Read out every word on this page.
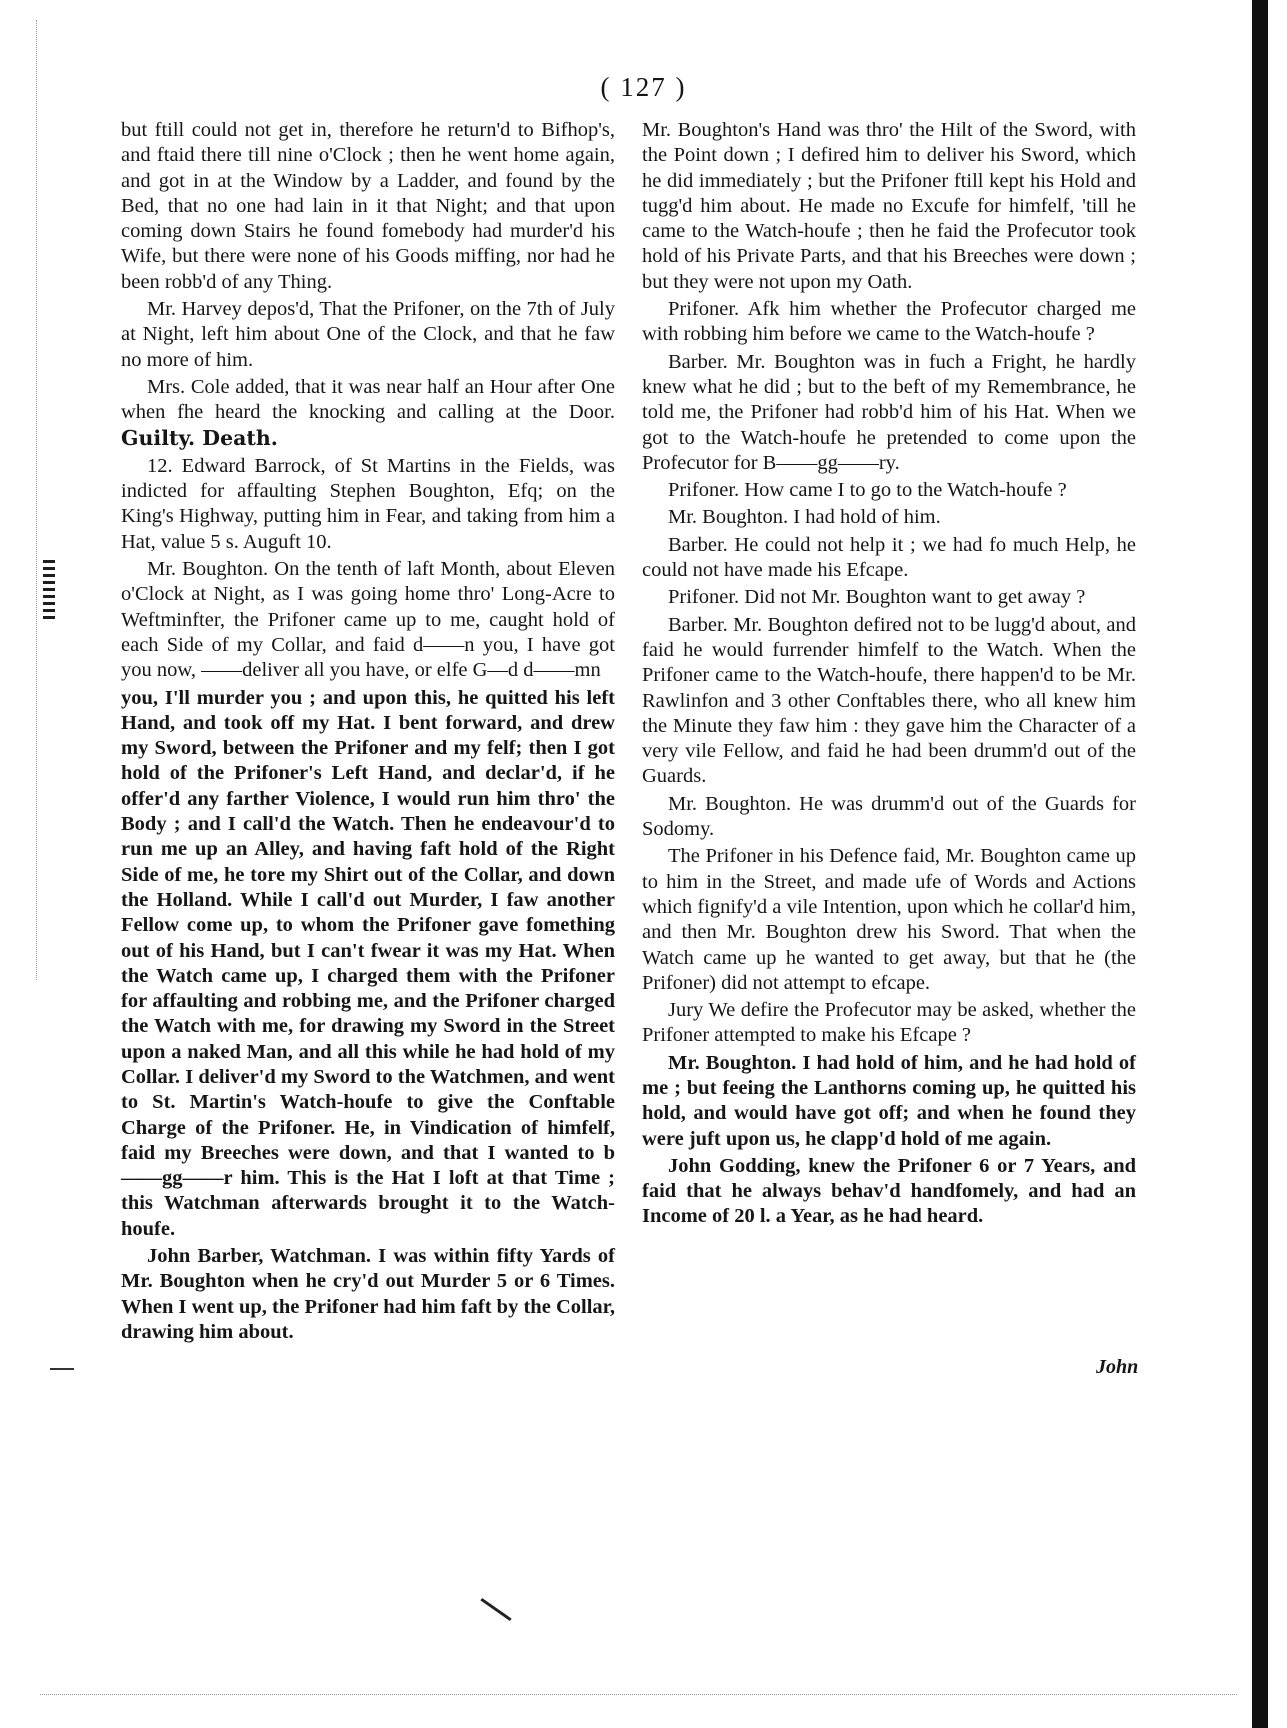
( 127 )

but ftill could not get in, therefore he return'd to Bifhop's, and ftaid there till nine o'Clock ; then he went home again, and got in at the Window by a Ladder, and found by the Bed, that no one had lain in it that Night; and that upon coming down Stairs he found fomebody had murder'd his Wife, but there were none of his Goods miffing, nor had he been robb'd of any Thing.

Mr. Harvey depos'd, That the Prifoner, on the 7th of July at Night, left him about One of the Clock, and that he faw no more of him.

Mrs. Cole added, that it was near half an Hour after One when fhe heard the knocking and calling at the Door. Guilty. Death.

12. Edward Barrock, of St Martins in the Fields, was indicted for affaulting Stephen Boughton, Efq; on the King's Highway, putting him in Fear, and taking from him a Hat, value 5 s. Auguft 10.

Mr. Boughton. On the tenth of laft Month, about Eleven o'Clock at Night, as I was going home thro' Long-Acre to Weftminfter, the Prifoner came up to me, caught hold of each Side of my Collar, and faid d——n you, I have got you now, ——deliver all you have, or elfe G—d d——mn

you, I'll murder you ; and upon this, he quitted his left Hand, and took off my Hat. I bent forward, and drew my Sword, between the Prifoner and my felf; then I got hold of the Prifoner's Left Hand, and declar'd, if he offer'd any farther Violence, I would run him thro' the Body ; and I call'd the Watch. Then he endeavour'd to run me up an Alley, and having faft hold of the Right Side of me, he tore my Shirt out of the Collar, and down the Holland. While I call'd out Murder, I faw another Fellow come up, to whom the Prifoner gave fomething out of his Hand, but I can't fwear it was my Hat. When the Watch came up, I charged them with the Prifoner for affaulting and robbing me, and the Prifoner charged the Watch with me, for drawing my Sword in the Street upon a naked Man, and all this while he had hold of my Collar. I deliver'd my Sword to the Watchmen, and went to St. Martin's Watch-houfe to give the Conftable Charge of the Prifoner. He, in Vindication of himfelf, faid my Breeches were down, and that I wanted to b——gg——r him. This is the Hat I loft at that Time ; this Watchman afterwards brought it to the Watch-houfe.

John Barber, Watchman. I was within fifty Yards of Mr. Boughton when he cry'd out Murder 5 or 6 Times. When I went up, the Prifoner had him faft by the Collar, drawing him about.

Mr. Boughton's Hand was thro' the Hilt of the Sword, with the Point down ; I defired him to deliver his Sword, which he did immediately ; but the Prifoner ftill kept his Hold and tugg'd him about. He made no Excufe for himfelf, 'till he came to the Watch-houfe ; then he faid the Profecutor took hold of his Private Parts, and that his Breeches were down ; but they were not upon my Oath.

Prifoner. Afk him whether the Profecutor charged me with robbing him before we came to the Watch-houfe ?

Barber. Mr. Boughton was in fuch a Fright, he hardly knew what he did ; but to the beft of my Remembrance, he told me, the Prifoner had robb'd him of his Hat. When we got to the Watch-houfe he pretended to come upon the Profecutor for B——gg——ry.

Prifoner. How came I to go to the Watch-houfe ?

Mr. Boughton. I had hold of him.

Barber. He could not help it ; we had fo much Help, he could not have made his Efcape.

Prifoner. Did not Mr. Boughton want to get away ?

Barber. Mr. Boughton defired not to be lugg'd about, and faid he would furrender himfelf to the Watch. When the Prifoner came to the Watch-houfe, there happen'd to be Mr. Rawlinfon and 3 other Conftables there, who all knew him the Minute they faw him : they gave him the Character of a very vile Fellow, and faid he had been drumm'd out of the Guards.

Mr. Boughton. He was drumm'd out of the Guards for Sodomy.

The Prifoner in his Defence faid, Mr. Boughton came up to him in the Street, and made ufe of Words and Actions which fignify'd a vile Intention, upon which he collar'd him, and then Mr. Boughton drew his Sword. That when the Watch came up he wanted to get away, but that he (the Prifoner) did not attempt to efcape.

Jury We defire the Profecutor may be asked, whether the Prifoner attempted to make his Efcape ?

Mr. Boughton. I had hold of him, and he had hold of me ; but feeing the Lanthorns coming up, he quitted his hold, and would have got off; and when he found they were juft upon us, he clapp'd hold of me again.

John Godding, knew the Prifoner 6 or 7 Years, and faid that he always behav'd handfomely, and had an Income of 20 l. a Year, as he had heard.

John
